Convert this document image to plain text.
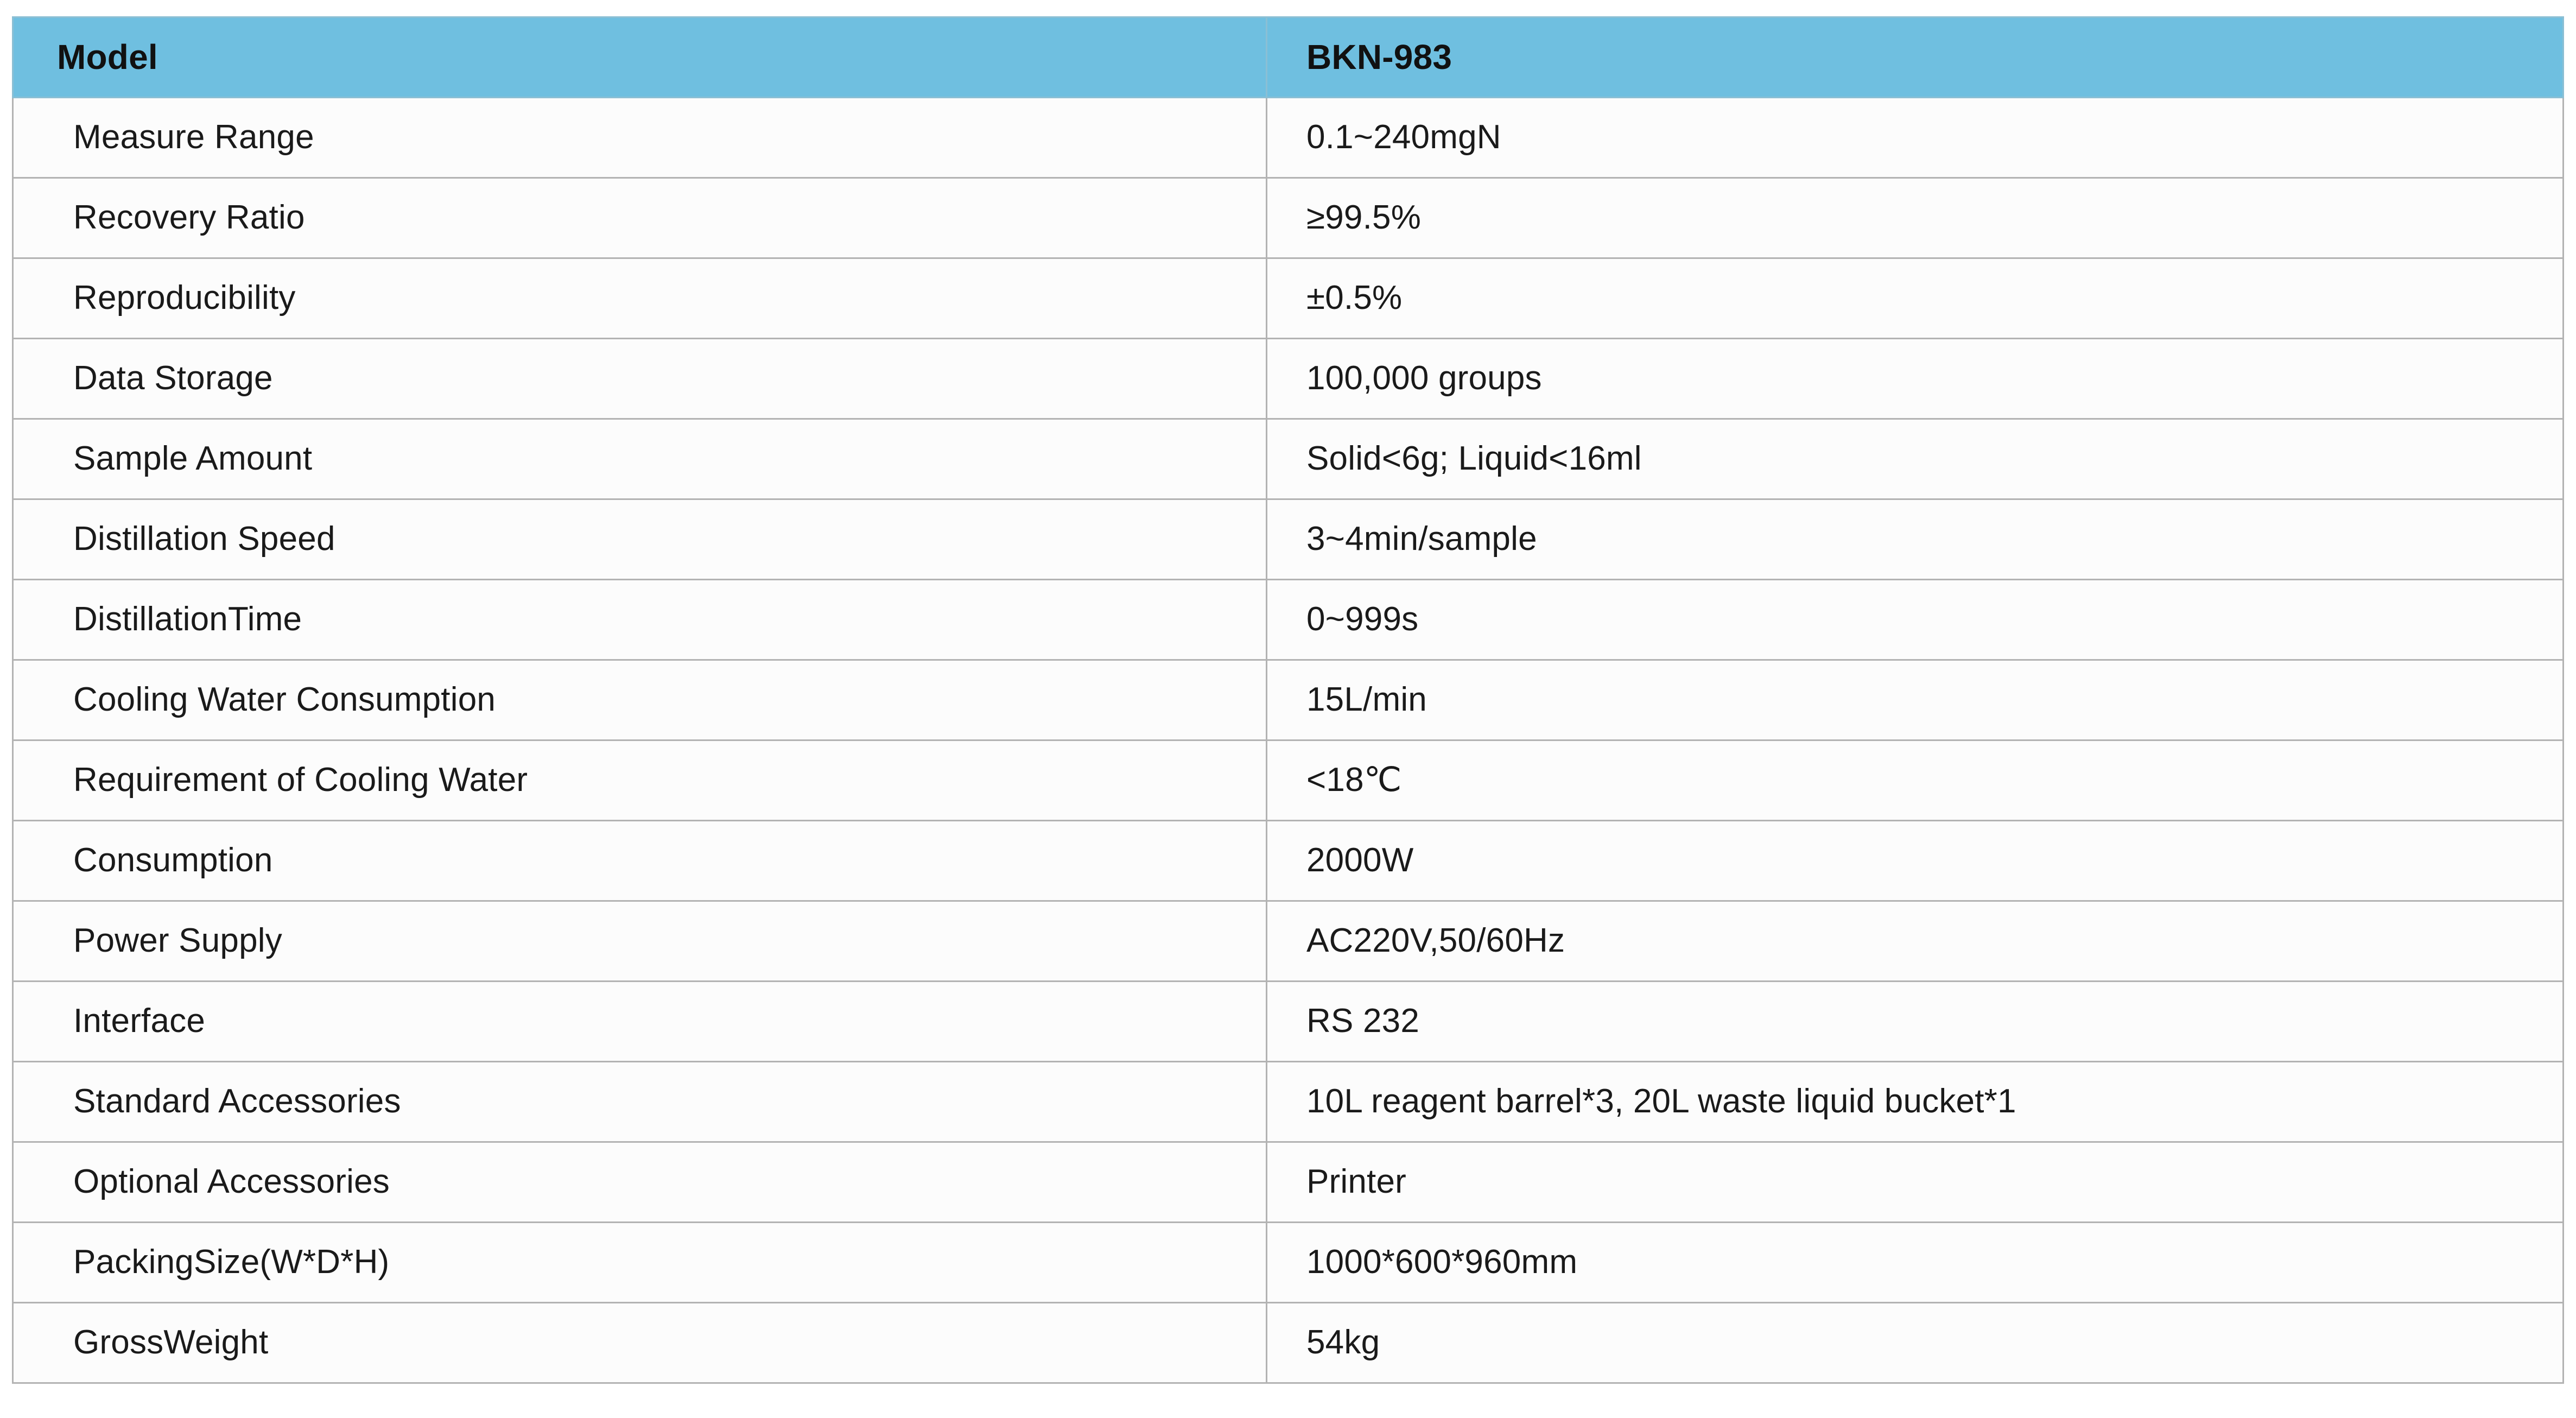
Model	BKN-983
Measure Range	0.1~240mgN
Recovery Ratio	≥99.5%
Reproducibility	±0.5%
Data Storage	100,000 groups
Sample Amount	Solid<6g; Liquid<16ml
Distillation Speed	3~4min/sample
DistillationTime	0~999s
Cooling Water Consumption	15L/min
Requirement of Cooling Water	<18℃
Consumption	2000W
Power Supply	AC220V,50/60Hz
Interface	RS 232
Standard Accessories	10L reagent barrel*3, 20L waste liquid bucket*1
Optional Accessories	Printer
PackingSize(W*D*H)	1000*600*960mm
GrossWeight	54kg
